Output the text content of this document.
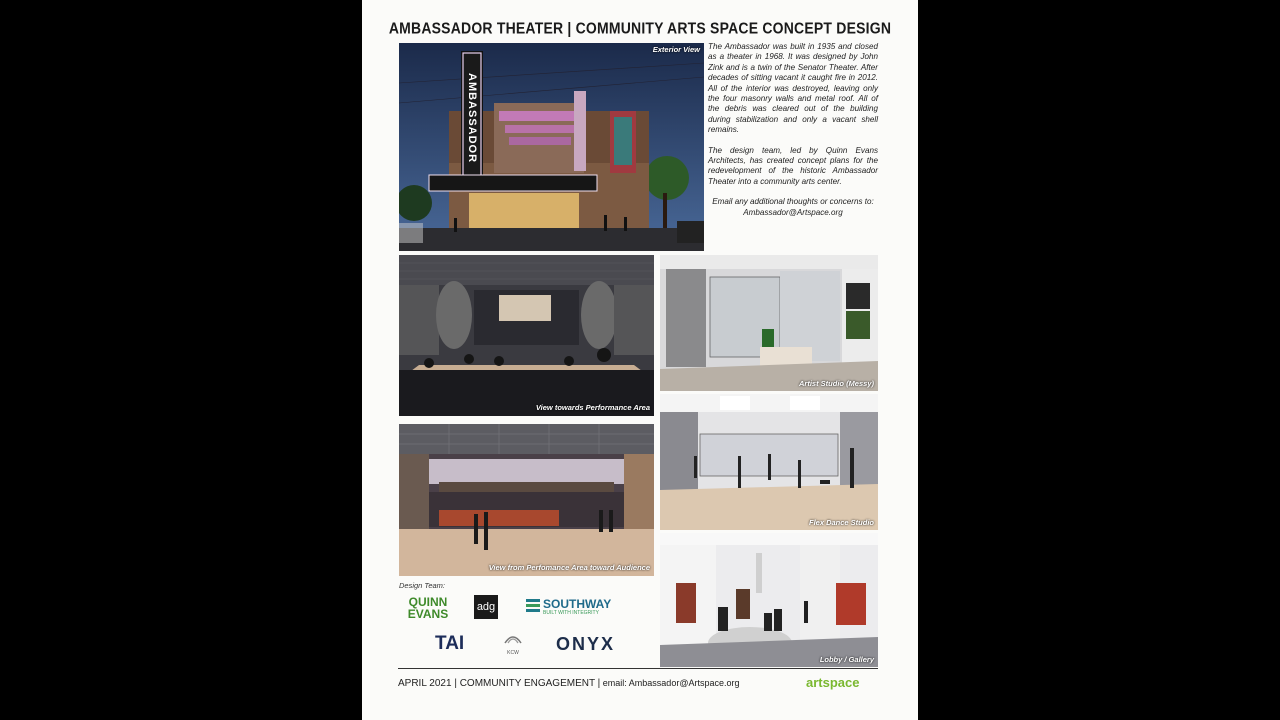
AMBASSADOR THEATER | COMMUNITY ARTS SPACE CONCEPT DESIGN
AMBASSADOR
Exterior View The Ambassador was built in 1935 and closed as a theater in 1968. It was designed by John Zink and is a twin of the Senator Theater. After decades of sitting vacant it caught fire in 2012. All of the interior was destroyed, leaving only the four masonry walls and metal roof. All of the debris was cleared out of the building during stabilization and only a vacant shell remains.

The design team, led by Quinn Evans Architects, has created concept plans for the redevelopment of the historic Ambassador Theater into a community arts center.

Email any additional thoughts or concerns to:
Ambassador@Artspace.org
View towards Performance Area
View from Perfomance Area toward Audience
Artist Studio (Messy)
Flex Dance Studio
Lobby / Gallery
Design Team:
QUINN
EVANS	adg	SOUTHWAY
BUILT WITH INTEGRITY
TAI	KCW ONYX
APRIL 2021 | COMMUNITY ENGAGEMENT | email: Ambassador@Artspace.org	artspace
